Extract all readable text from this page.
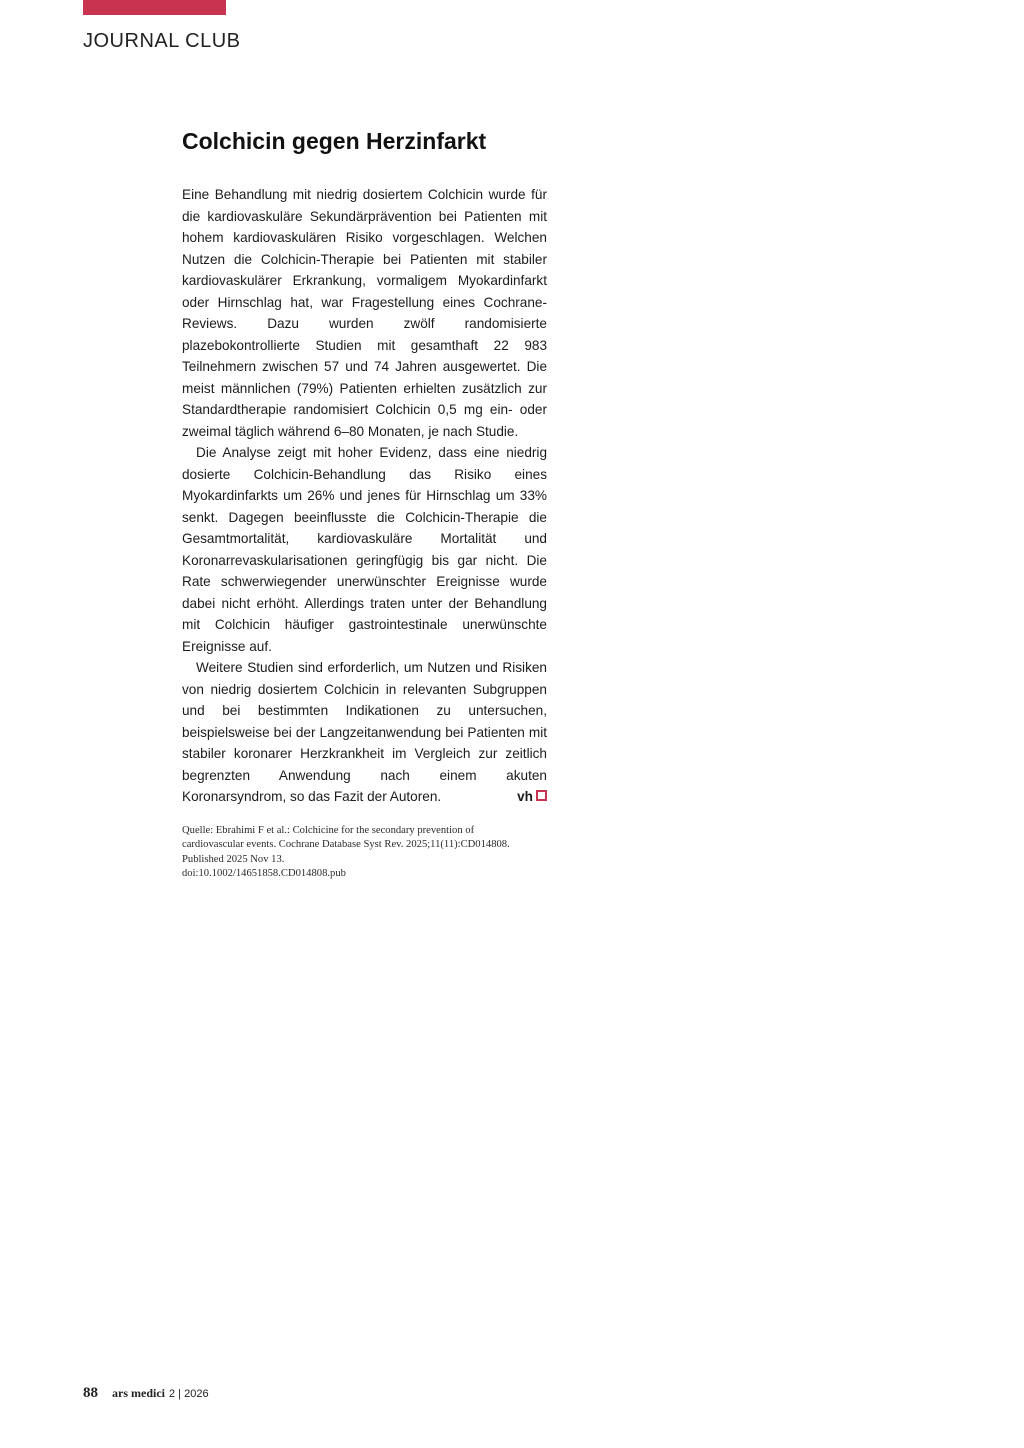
JOURNAL CLUB
Colchicin gegen Herzinfarkt

Eine Behandlung mit niedrig dosiertem Colchicin wurde für die kardiovaskuläre Sekundärprävention bei Patienten mit hohem kardiovaskulären Risiko vorgeschlagen. Welchen Nutzen die Colchicin-Therapie bei Patienten mit stabiler kardiovaskulärer Erkrankung, vormaligem Myokardinfarkt oder Hirnschlag hat, war Fragestellung eines Cochrane-Reviews. Dazu wurden zwölf randomisierte plazebokontrollierte Studien mit gesamthaft 22 983 Teilnehmern zwischen 57 und 74 Jahren ausgewertet. Die meist männlichen (79%) Patienten erhielten zusätzlich zur Standardtherapie randomisiert Colchicin 0,5 mg ein- oder zweimal täglich während 6–80 Monaten, je nach Studie.

Die Analyse zeigt mit hoher Evidenz, dass eine niedrig dosierte Colchicin-Behandlung das Risiko eines Myokardinfarkts um 26% und jenes für Hirnschlag um 33% senkt. Dagegen beeinflusste die Colchicin-Therapie die Gesamtmortalität, kardiovaskuläre Mortalität und Koronarrevaskularisationen geringfügig bis gar nicht. Die Rate schwerwiegender unerwünschter Ereignisse wurde dabei nicht erhöht. Allerdings traten unter der Behandlung mit Colchicin häufiger gastrointestinale unerwünschte Ereignisse auf.

Weitere Studien sind erforderlich, um Nutzen und Risiken von niedrig dosiertem Colchicin in relevanten Subgruppen und bei bestimmten Indikationen zu untersuchen, beispielsweise bei der Langzeitanwendung bei Patienten mit stabiler koronarer Herzkrankheit im Vergleich zur zeitlich begrenzten Anwendung nach einem akuten Koronarsyndrom, so das Fazit der Autoren.	vh

Quelle: Ebrahimi F et al.: Colchicine for the secondary prevention of
cardiovascular events. Cochrane Database Syst Rev. 2025;11(11):CD014808.
Published 2025 Nov 13.
doi:10.1002/14651858.CD014808.pub
88 ars medici 2 | 2026
